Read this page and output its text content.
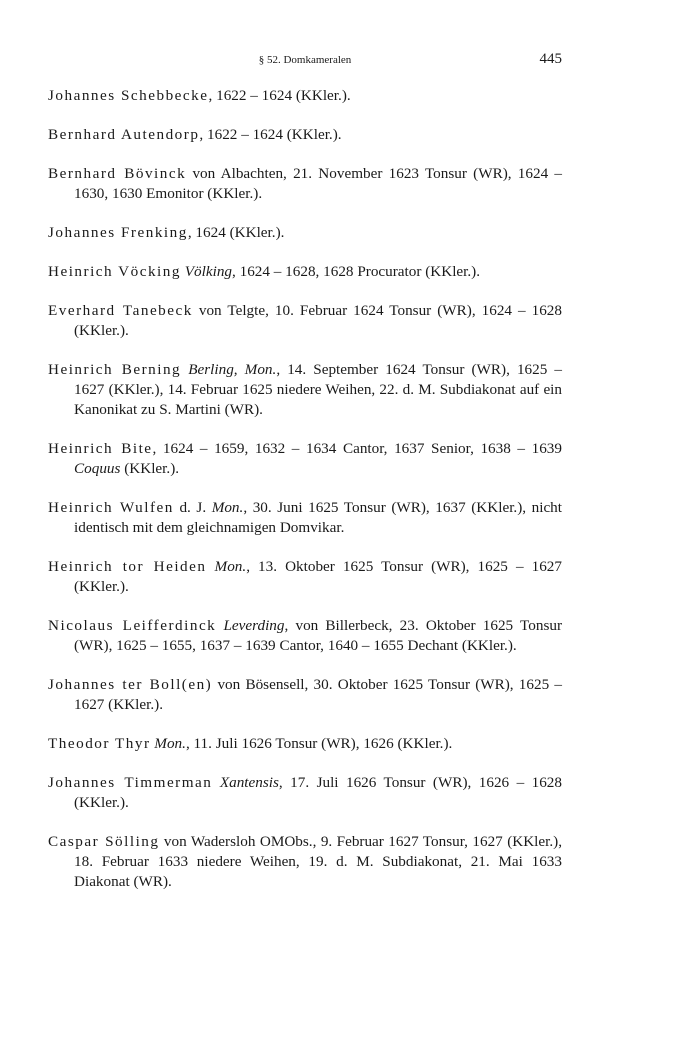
§ 52. Domkameralen	445

Johannes Schebbecke, 1622 – 1624 (KKler.).

Bernhard Autendorp, 1622 – 1624 (KKler.).

Bernhard Bövinck von Albachten, 21. November 1623 Tonsur (WR), 1624 – 1630, 1630 Emonitor (KKler.).

Johannes Frenking, 1624 (KKler.).

Heinrich Vöcking Völking, 1624 – 1628, 1628 Procurator (KKler.).

Everhard Tanebeck von Telgte, 10. Februar 1624 Tonsur (WR), 1624 – 1628 (KKler.).

Heinrich Berning Berling, Mon., 14. September 1624 Tonsur (WR), 1625 – 1627 (KKler.), 14. Februar 1625 niedere Weihen, 22. d. M. Subdiakonat auf ein Kanonikat zu S. Martini (WR).

Heinrich Bite, 1624 – 1659, 1632 – 1634 Cantor, 1637 Senior, 1638 – 1639 Coquus (KKler.).

Heinrich Wulfen d. J. Mon., 30. Juni 1625 Tonsur (WR), 1637 (KKler.), nicht identisch mit dem gleichnamigen Domvikar.

Heinrich tor Heiden Mon., 13. Oktober 1625 Tonsur (WR), 1625 – 1627 (KKler.).

Nicolaus Leifferdinck Leverding, von Billerbeck, 23. Oktober 1625 Tonsur (WR), 1625 – 1655, 1637 – 1639 Cantor, 1640 – 1655 Dechant (KKler.).

Johannes ter Boll(en) von Bösensell, 30. Oktober 1625 Tonsur (WR), 1625 – 1627 (KKler.).

Theodor Thyr Mon., 11. Juli 1626 Tonsur (WR), 1626 (KKler.).

Johannes Timmerman Xantensis, 17. Juli 1626 Tonsur (WR), 1626 – 1628 (KKler.).

Caspar Sölling von Wadersloh OMObs., 9. Februar 1627 Tonsur, 1627 (KKler.), 18. Februar 1633 niedere Weihen, 19. d. M. Subdiakonat, 21. Mai 1633 Diakonat (WR).
